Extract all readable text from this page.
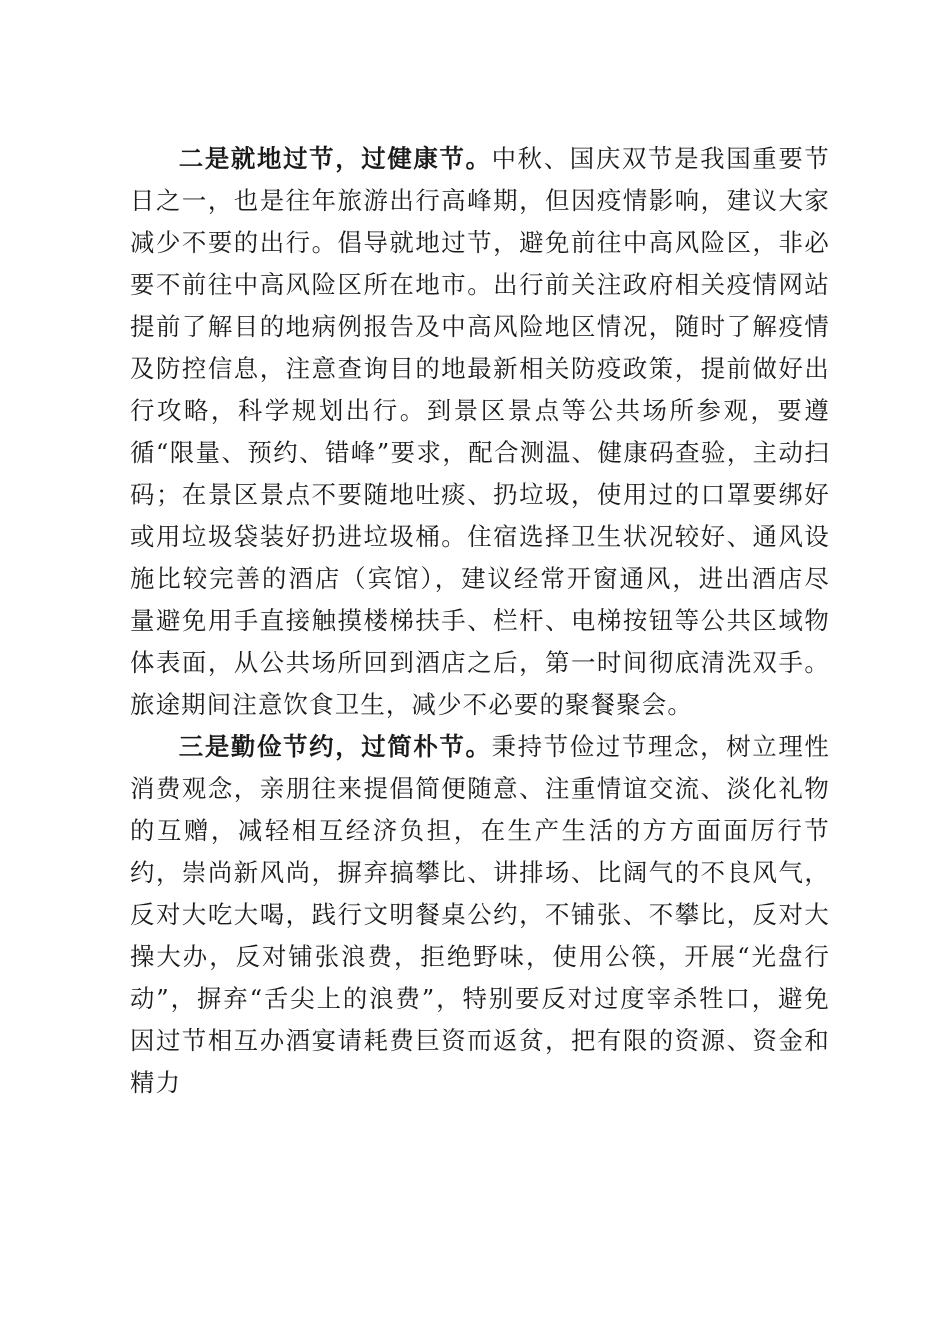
二是就地过节，过健康节。中秋、国庆双节是我国重要节日之一，也是往年旅游出行高峰期，但因疫情影响，建议大家减少不要的出行。倡导就地过节，避免前往中高风险区，非必要不前往中高风险区所在地市。出行前关注政府相关疫情网站提前了解目的地病例报告及中高风险地区情况，随时了解疫情及防控信息，注意查询目的地最新相关防疫政策，提前做好出行攻略，科学规划出行。到景区景点等公共场所参观，要遵循“限量、预约、错峰”要求，配合测温、健康码查验，主动扫码；在景区景点不要随地吐痰、扔垃圾，使用过的口罩要绑好或用垃圾袋装好扔进垃圾桶。住宿选择卫生状况较好、通风设施比较完善的酒店（宾馆），建议经常开窗通风，进出酒店尽量避免用手直接触摸楼梯扶手、栏杆、电梯按钮等公共区域物体表面，从公共场所回到酒店之后，第一时间彻底清洗双手。旅途期间注意饮食卫生，减少不必要的聚餐聚会。

三是勤俭节约，过简朴节。秉持节俭过节理念，树立理性消费观念，亲朋往来提倡简便随意、注重情谊交流、淡化礼物的互赠，减轻相互经济负担，在生产生活的方方面面厉行节约，崇尚新风尚，摒弃搞攀比、讲排场、比阔气的不良风气，反对大吃大喝，践行文明餐桌公约，不铺张、不攀比，反对大操大办，反对铺张浪费，拒绝野味，使用公筷，开展“光盘行动”，摒弃“舌尖上的浪费”，特别要反对过度宰杀牲口，避免因过节相互办酒宴请耗费巨资而返贫，把有限的资源、资金和精力
